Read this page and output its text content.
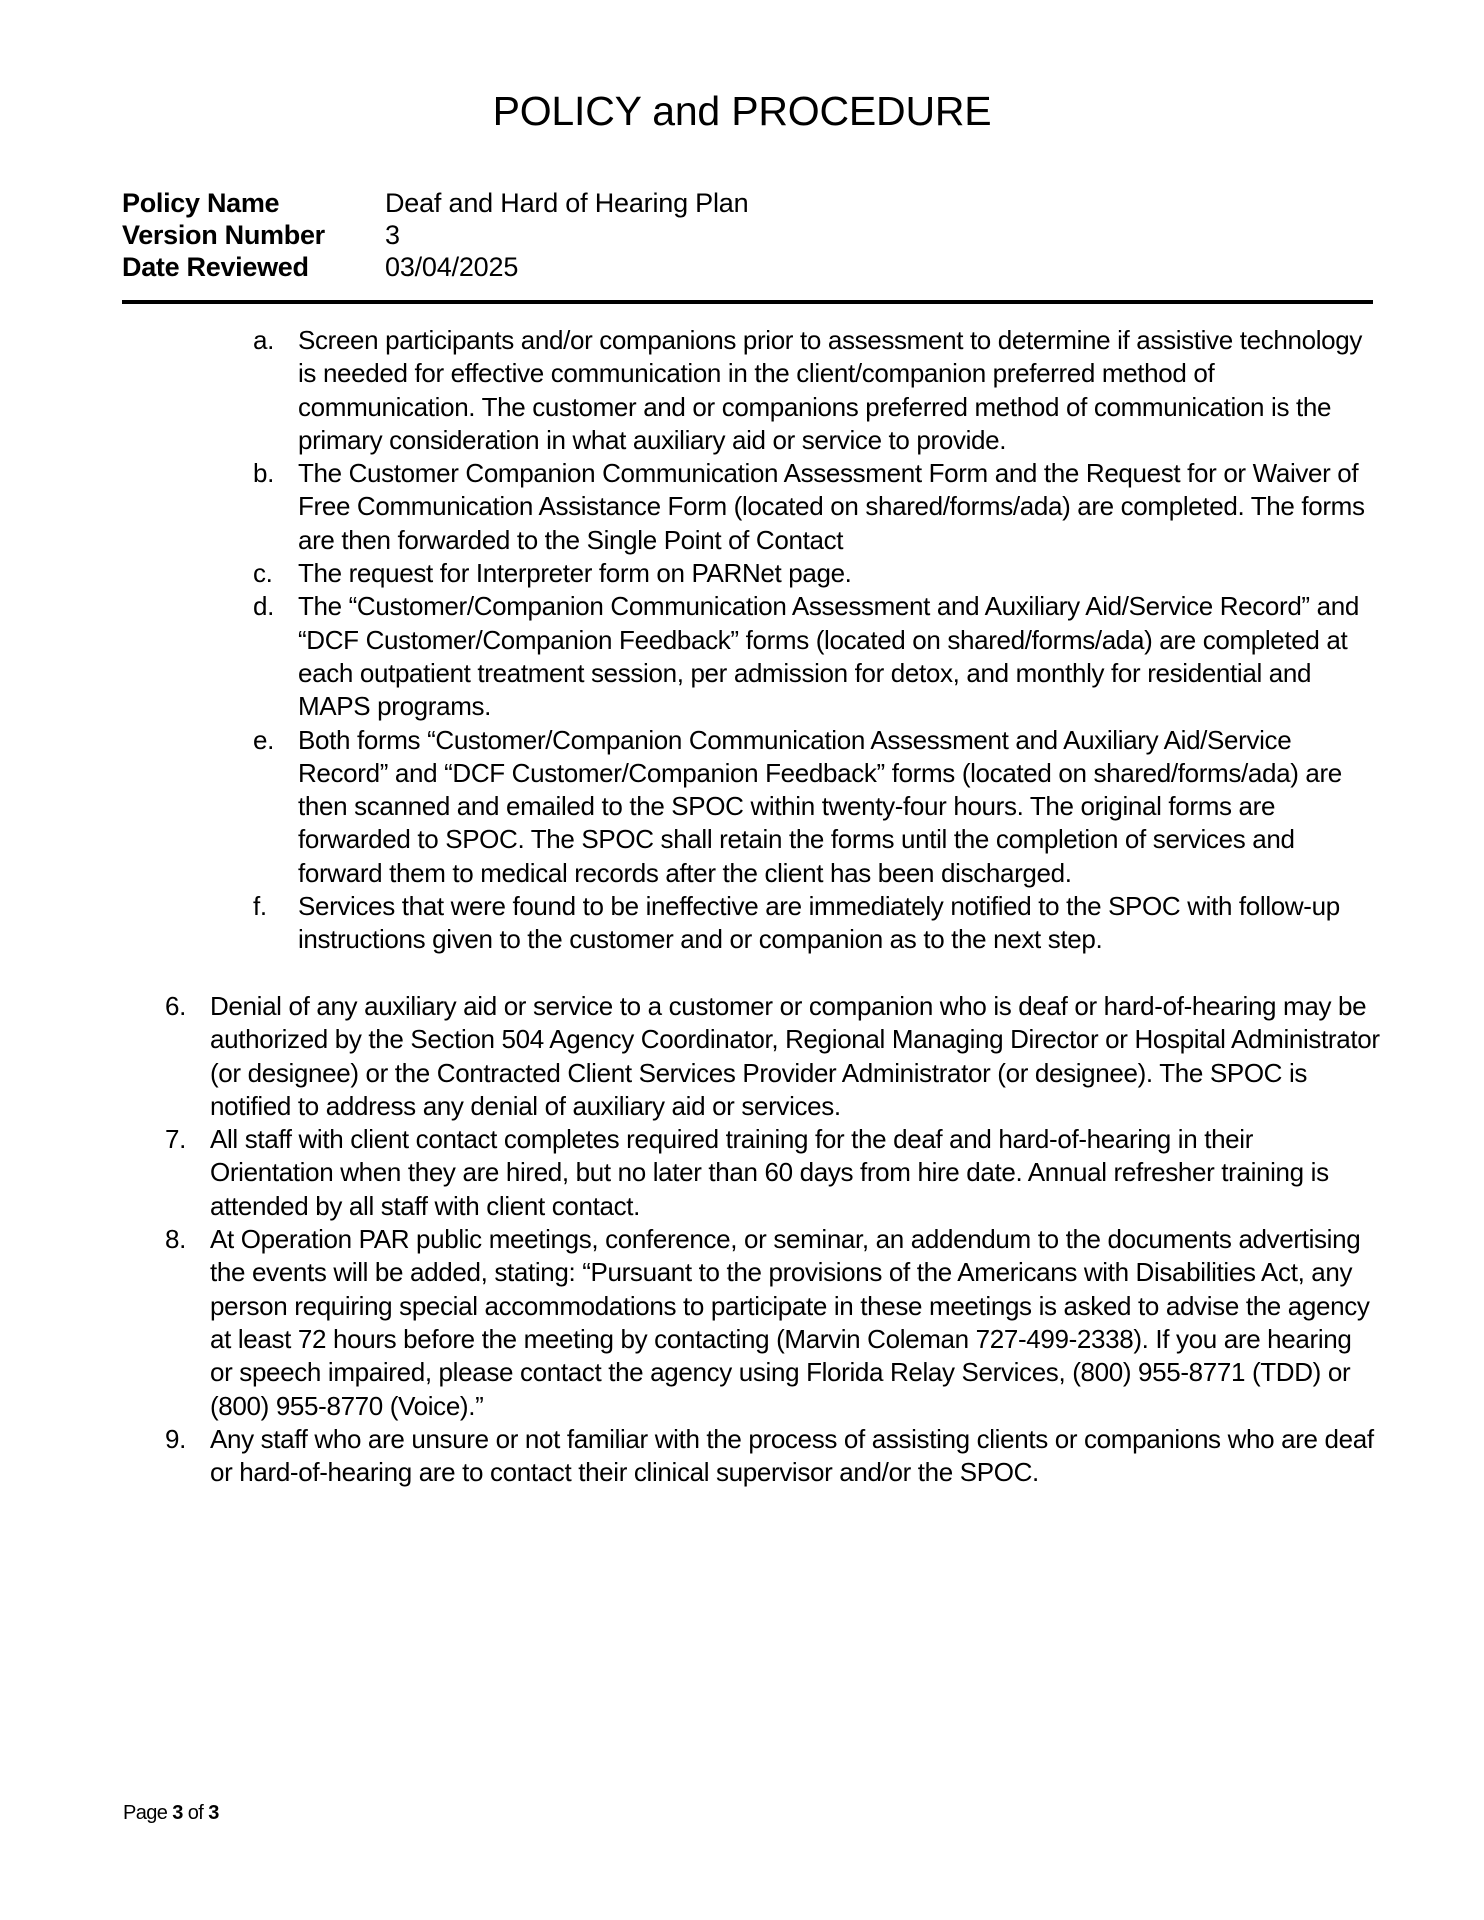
POLICY and PROCEDURE
Policy Name	Deaf and Hard of Hearing Plan
Version Number	3
Date Reviewed	03/04/2025
a. Screen participants and/or companions prior to assessment to determine if assistive technology is needed for effective communication in the client/companion preferred method of communication. The customer and or companions preferred method of communication is the primary consideration in what auxiliary aid or service to provide.
b. The Customer Companion Communication Assessment Form and the Request for or Waiver of Free Communication Assistance Form (located on shared/forms/ada) are completed. The forms are then forwarded to the Single Point of Contact
c. The request for Interpreter form on PARNet page.
d. The “Customer/Companion Communication Assessment and Auxiliary Aid/Service Record” and “DCF Customer/Companion Feedback” forms (located on shared/forms/ada) are completed at each outpatient treatment session, per admission for detox, and monthly for residential and MAPS programs.
e. Both forms “Customer/Companion Communication Assessment and Auxiliary Aid/Service Record” and “DCF Customer/Companion Feedback” forms (located on shared/forms/ada) are then scanned and emailed to the SPOC within twenty-four hours. The original forms are forwarded to SPOC. The SPOC shall retain the forms until the completion of services and forward them to medical records after the client has been discharged.
f. Services that were found to be ineffective are immediately notified to the SPOC with follow-up instructions given to the customer and or companion as to the next step.
6. Denial of any auxiliary aid or service to a customer or companion who is deaf or hard-of-hearing may be authorized by the Section 504 Agency Coordinator, Regional Managing Director or Hospital Administrator (or designee) or the Contracted Client Services Provider Administrator (or designee). The SPOC is notified to address any denial of auxiliary aid or services.
7. All staff with client contact completes required training for the deaf and hard-of-hearing in their Orientation when they are hired, but no later than 60 days from hire date. Annual refresher training is attended by all staff with client contact.
8. At Operation PAR public meetings, conference, or seminar, an addendum to the documents advertising the events will be added, stating: “Pursuant to the provisions of the Americans with Disabilities Act, any person requiring special accommodations to participate in these meetings is asked to advise the agency at least 72 hours before the meeting by contacting (Marvin Coleman 727-499-2338). If you are hearing or speech impaired, please contact the agency using Florida Relay Services, (800) 955-8771 (TDD) or (800) 955-8770 (Voice).”
9. Any staff who are unsure or not familiar with the process of assisting clients or companions who are deaf or hard-of-hearing are to contact their clinical supervisor and/or the SPOC.
Page 3 of 3
